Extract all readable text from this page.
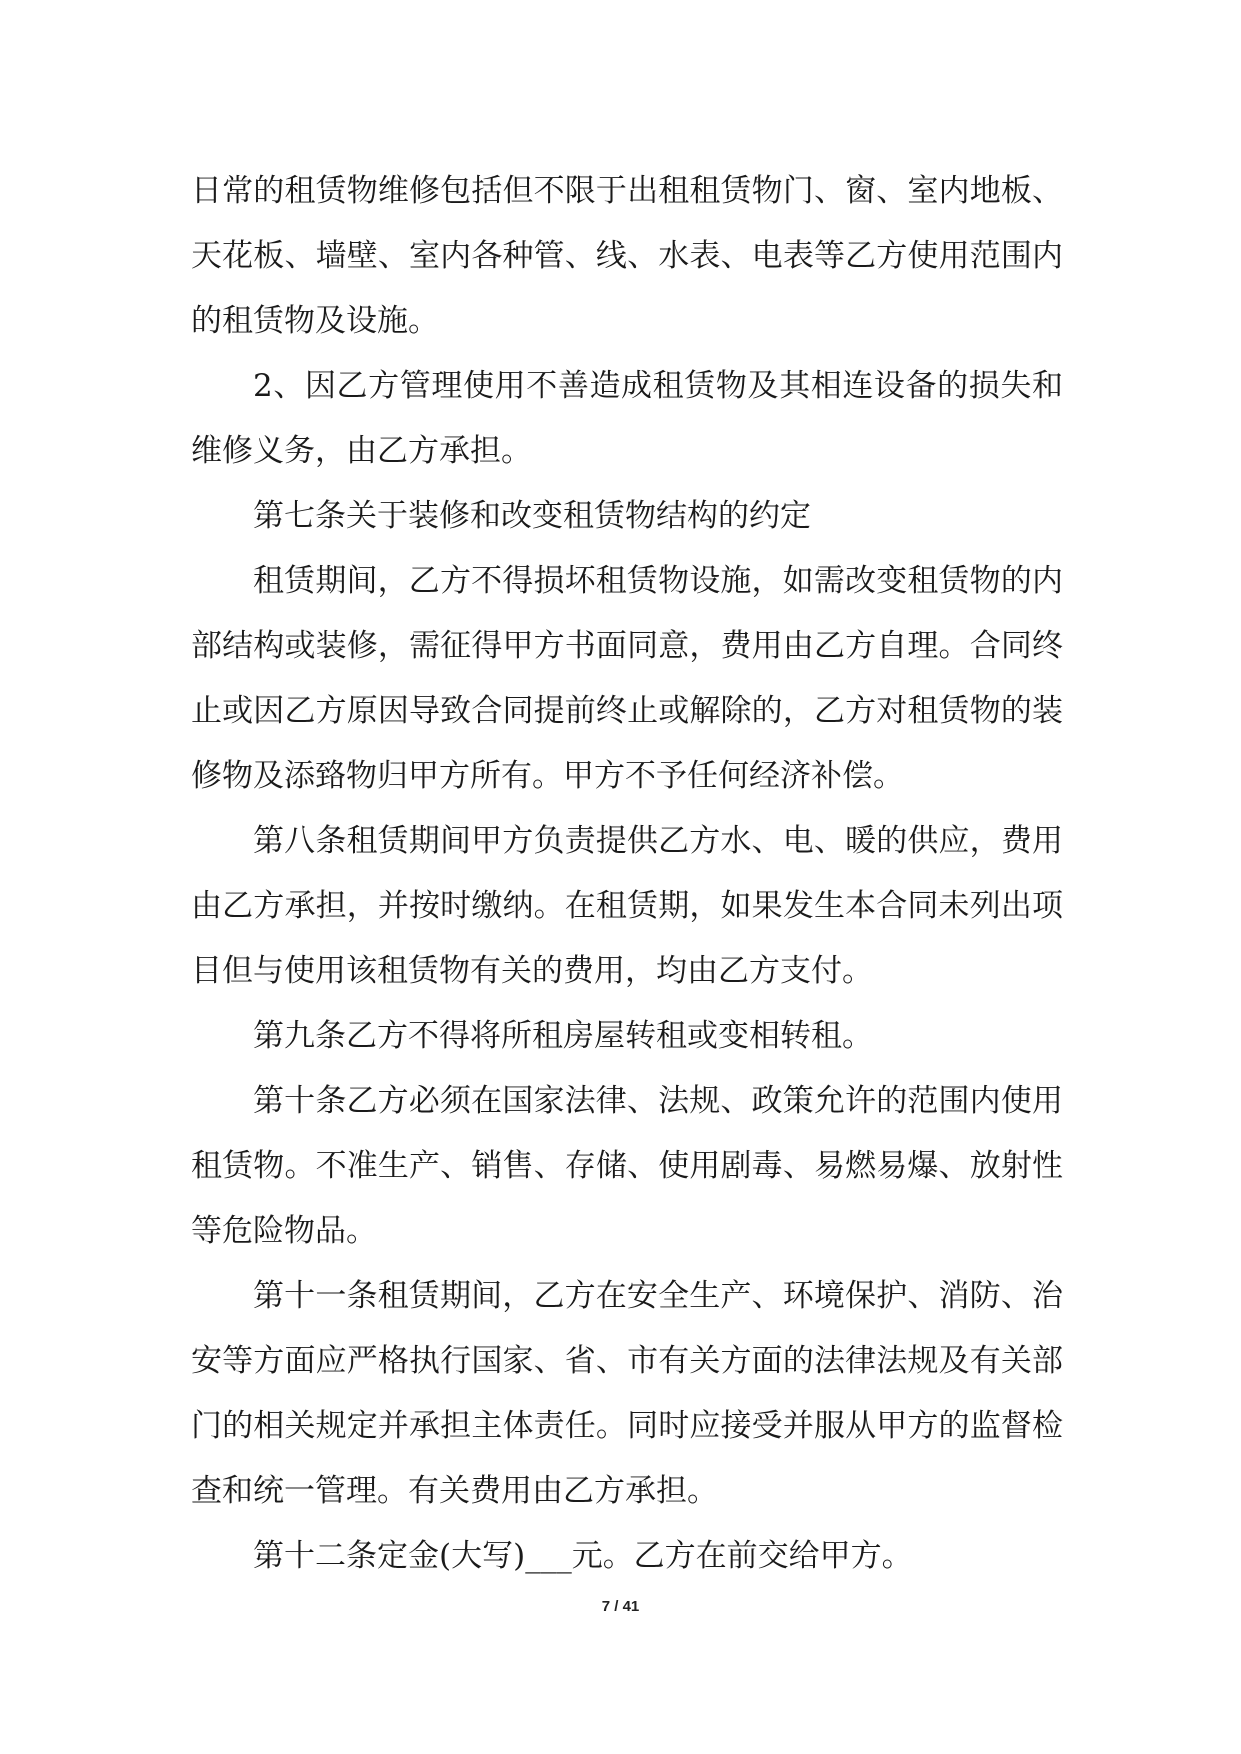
日常的租赁物维修包括但不限于出租租赁物门、窗、室内地板、天花板、墙壁、室内各种管、线、水表、电表等乙方使用范围内的租赁物及设施。

2、因乙方管理使用不善造成租赁物及其相连设备的损失和维修义务，由乙方承担。

第七条关于装修和改变租赁物结构的约定

租赁期间，乙方不得损坏租赁物设施，如需改变租赁物的内部结构或装修，需征得甲方书面同意，费用由乙方自理。合同终止或因乙方原因导致合同提前终止或解除的，乙方对租赁物的装修物及添臵物归甲方所有。甲方不予任何经济补偿。

第八条租赁期间甲方负责提供乙方水、电、暖的供应，费用由乙方承担，并按时缴纳。在租赁期，如果发生本合同未列出项目但与使用该租赁物有关的费用，均由乙方支付。

第九条乙方不得将所租房屋转租或变相转租。

第十条乙方必须在国家法律、法规、政策允许的范围内使用租赁物。不准生产、销售、存储、使用剧毒、易燃易爆、放射性等危险物品。

第十一条租赁期间，乙方在安全生产、环境保护、消防、治安等方面应严格执行国家、省、市有关方面的法律法规及有关部门的相关规定并承担主体责任。同时应接受并服从甲方的监督检查和统一管理。有关费用由乙方承担。

第十二条定金(大写)___元。乙方在前交给甲方。

7 / 41
